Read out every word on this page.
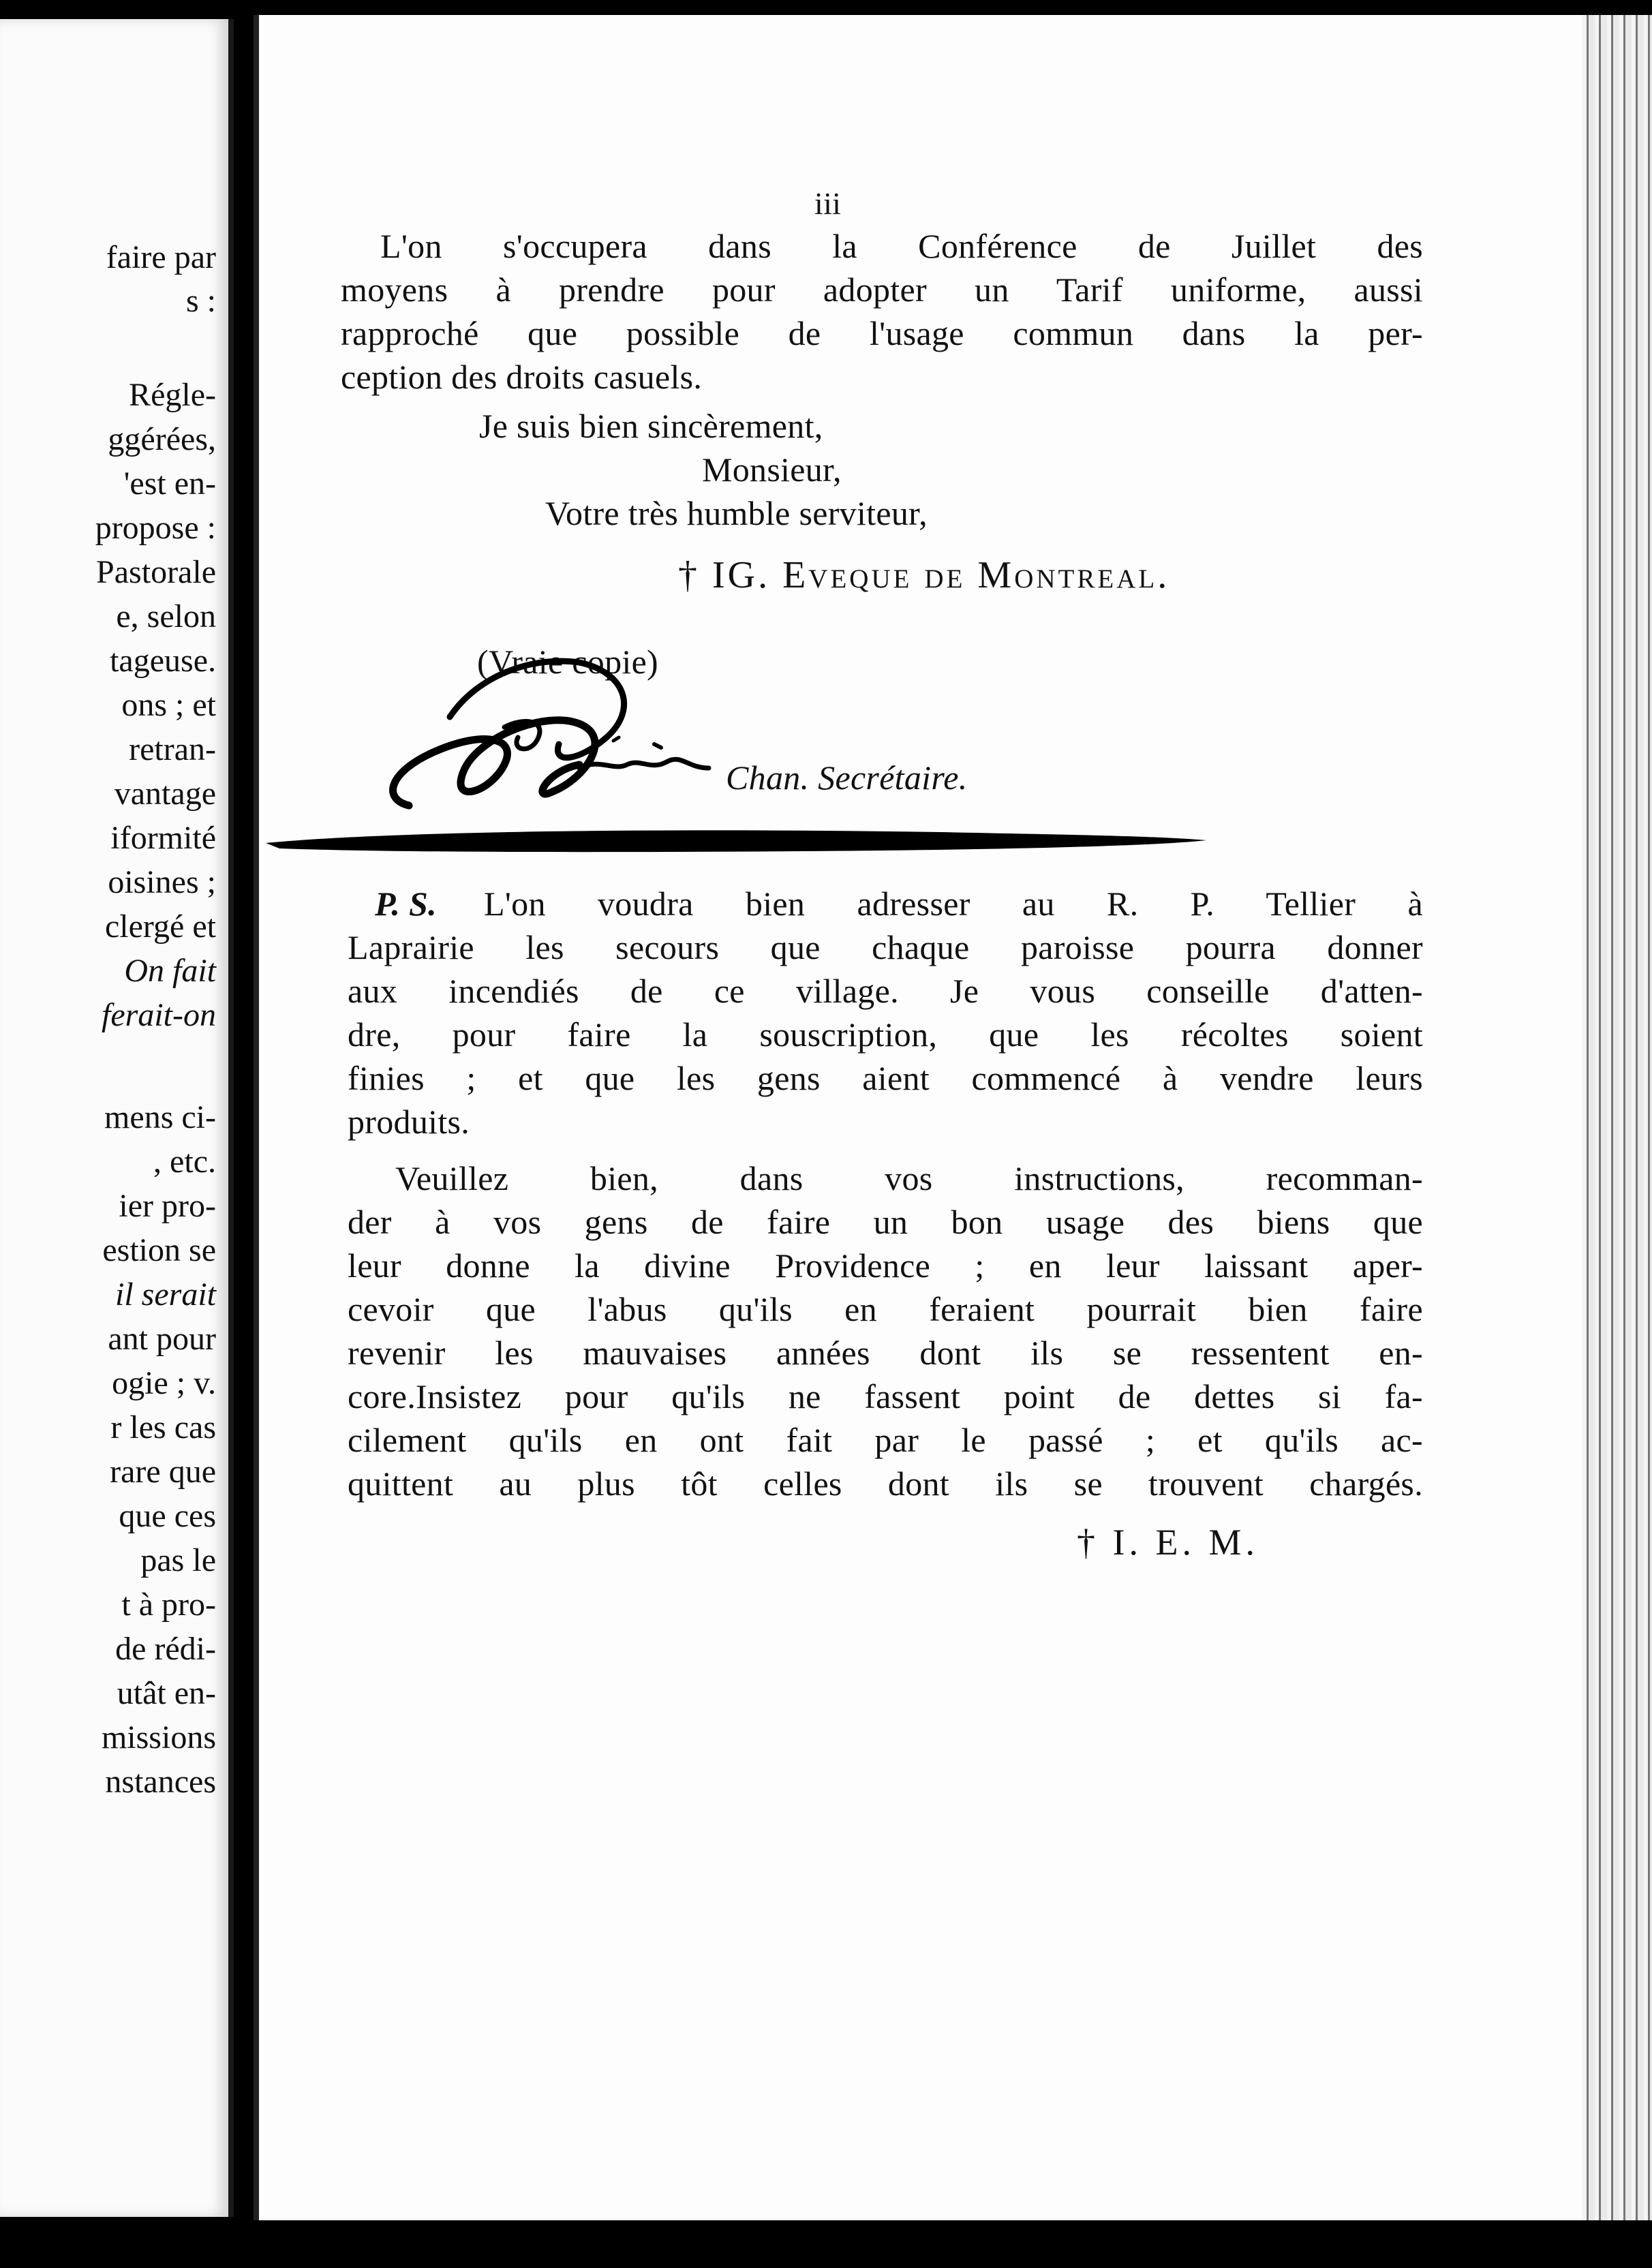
faire par
s :
Régle-
ggérées,
'est en-
propose :
Pastorale
e, selon
tageuse.
ons ; et
retran-
vantage
iformité
oisines ;
clergé et
On fait
ferait-on
mens ci-
, etc.
ier pro-
estion se
il serait
ant pour
ogie ; v.
r les cas
rare que
que ces
pas le
t à pro-
de rédi-
utât en-
missions
nstances
iii
L'on s'occupera dans la Conférence de Juillet des
moyens à prendre pour adopter un Tarif uniforme, aussi
rapproché que possible de l'usage commun dans la per-
ception des droits casuels.
Je suis bien sincèrement,
Monsieur,
Votre très humble serviteur,
† IG. Eveque de Montreal.
(Vraie copie)
Chan. Secrétaire.
P. S. L'on voudra bien adresser au R. P. Tellier à
Laprairie les secours que chaque paroisse pourra donner
aux incendiés de ce village. Je vous conseille d'atten-
dre, pour faire la souscription, que les récoltes soient
finies ; et que les gens aient commencé à vendre leurs
produits.
Veuillez bien, dans vos instructions, recomman-
der à vos gens de faire un bon usage des biens que
leur donne la divine Providence ; en leur laissant aper-
cevoir que l'abus qu'ils en feraient pourrait bien faire
revenir les mauvaises années dont ils se ressentent en-
core.Insistez pour qu'ils ne fassent point de dettes si fa-
cilement qu'ils en ont fait par le passé ; et qu'ils ac-
quittent au plus tôt celles dont ils se trouvent chargés.
† I. E. M.
